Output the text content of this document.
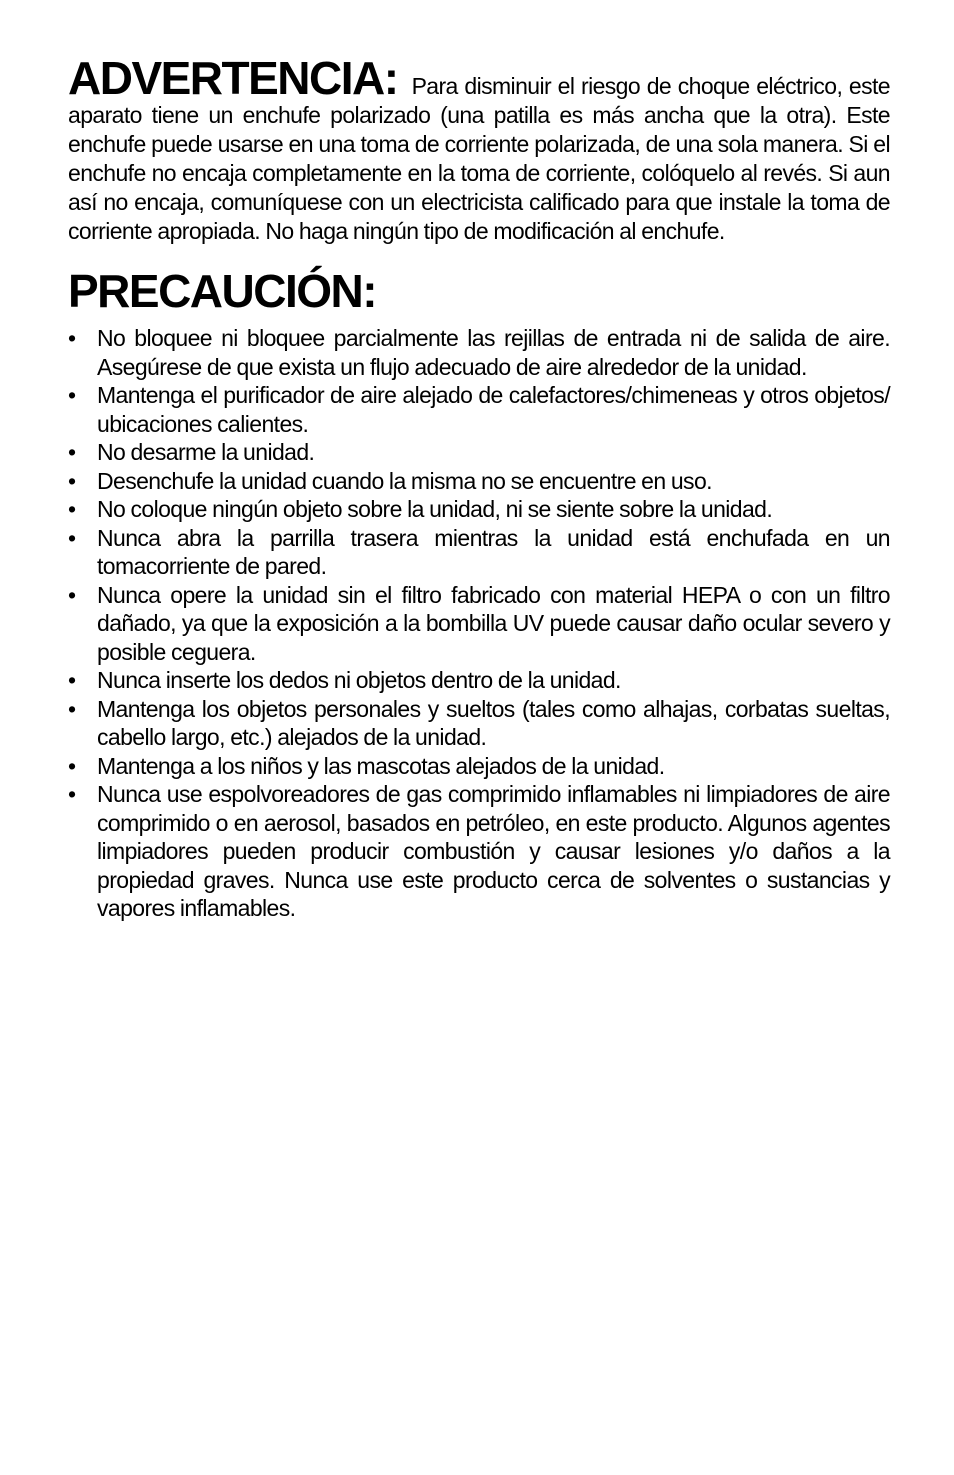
ADVERTENCIA: Para disminuir el riesgo de choque eléctrico, este aparato tiene un enchufe polarizado (una patilla es más ancha que la otra). Este enchufe puede usarse en una toma de corriente polarizada, de una sola manera. Si el enchufe no encaja completamente en la toma de corriente, colóquelo al revés. Si aun así no encaja, comuníquese con un electricista calificado para que instale la toma de corriente apropiada. No haga ningún tipo de modificación al enchufe.
PRECAUCIÓN:
• No bloquee ni bloquee parcialmente las rejillas de entrada ni de salida de aire. Asegúrese de que exista un flujo adecuado de aire alrededor de la unidad.
• Mantenga el purificador de aire alejado de calefactores/chimeneas y otros objetos/ ubicaciones calientes.
• No desarme la unidad.
• Desenchufe la unidad cuando la misma no se encuentre en uso.
• No coloque ningún objeto sobre la unidad, ni se siente sobre la unidad.
• Nunca abra la parrilla trasera mientras la unidad está enchufada en un tomacorriente de pared.
• Nunca opere la unidad sin el filtro fabricado con material HEPA o con un filtro dañado, ya que la exposición a la bombilla UV puede causar daño ocular severo y posible ceguera.
• Nunca inserte los dedos ni objetos dentro de la unidad.
• Mantenga los objetos personales y sueltos (tales como alhajas, corbatas sueltas, cabello largo, etc.) alejados de la unidad.
• Mantenga a los niños y las mascotas alejados de la unidad.
• Nunca use espolvoreadores de gas comprimido inflamables ni limpiadores de aire comprimido o en aerosol, basados en petróleo, en este producto. Algunos agentes limpiadores pueden producir combustión y causar lesiones y/o daños a la propiedad graves. Nunca use este producto cerca de solventes o sustancias y vapores inflamables.
